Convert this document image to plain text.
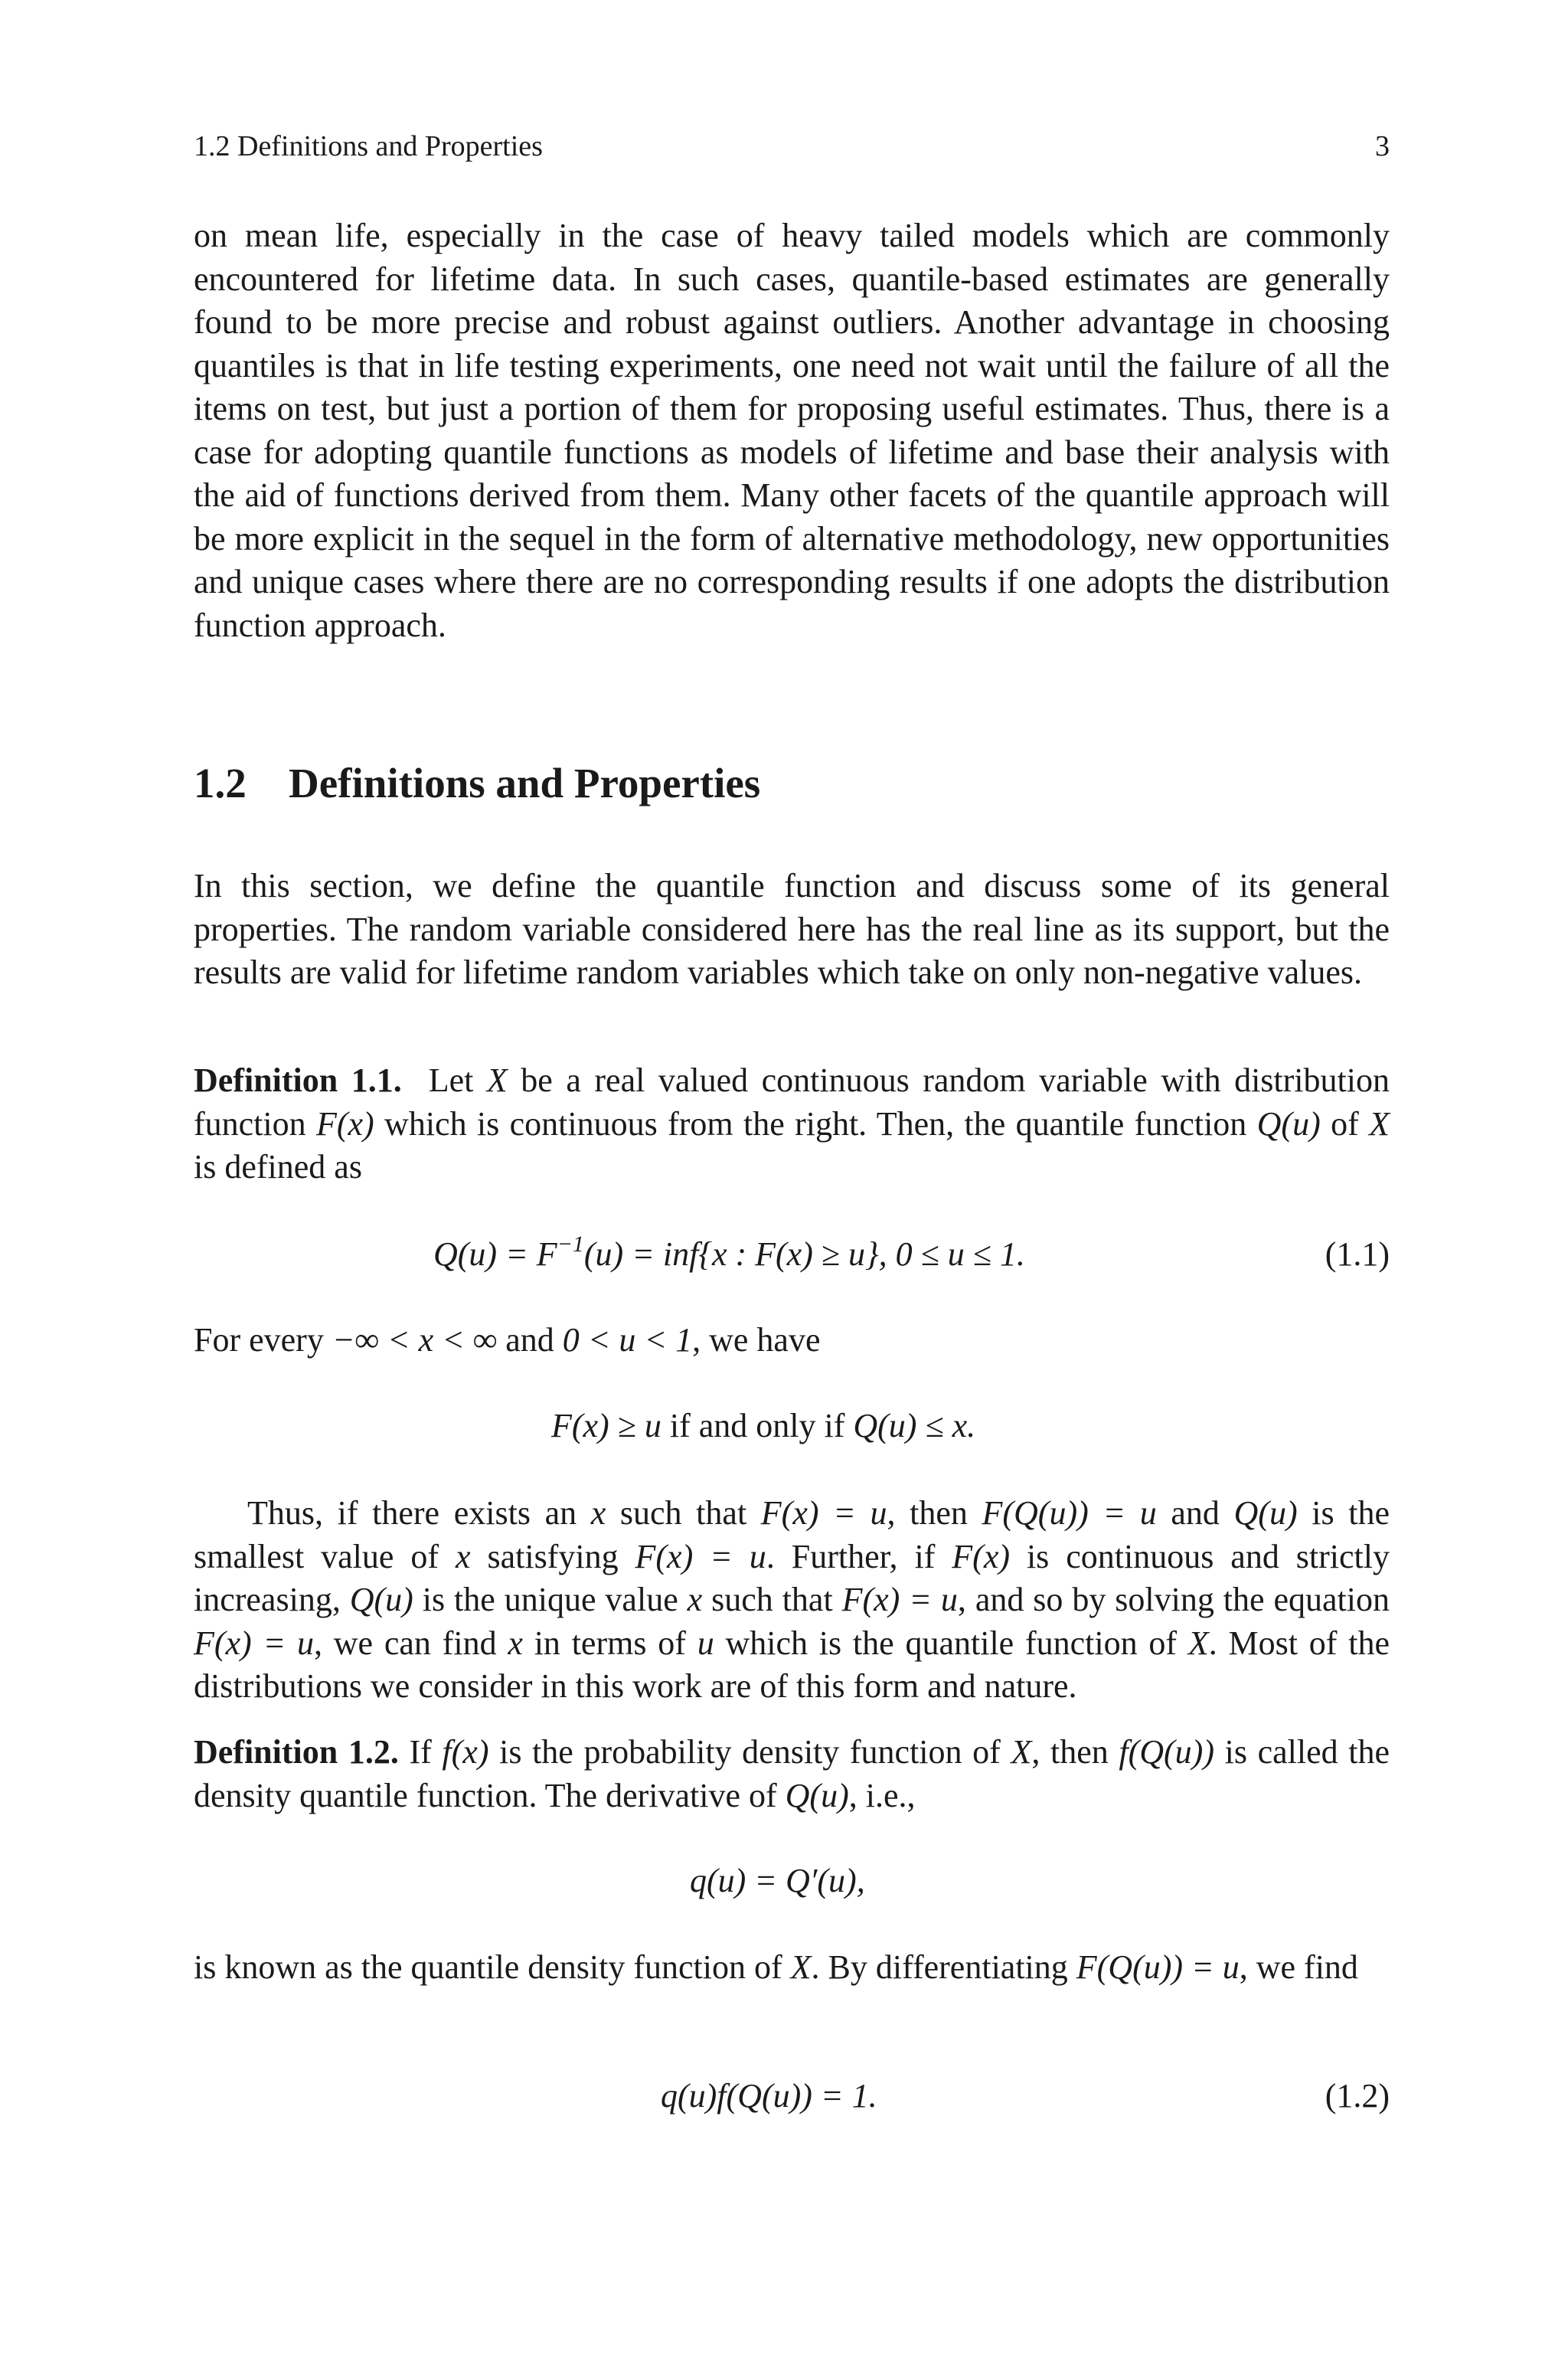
1.2 Definitions and Properties	3

on mean life, especially in the case of heavy tailed models which are commonly encountered for lifetime data. In such cases, quantile-based estimates are generally found to be more precise and robust against outliers. Another advantage in choosing quantiles is that in life testing experiments, one need not wait until the failure of all the items on test, but just a portion of them for proposing useful estimates. Thus, there is a case for adopting quantile functions as models of lifetime and base their analysis with the aid of functions derived from them. Many other facets of the quantile approach will be more explicit in the sequel in the form of alternative methodology, new opportunities and unique cases where there are no corresponding results if one adopts the distribution function approach.

1.2 Definitions and Properties

In this section, we define the quantile function and discuss some of its general properties. The random variable considered here has the real line as its support, but the results are valid for lifetime random variables which take on only non-negative values.

Definition 1.1. Let X be a real valued continuous random variable with distribution function F(x) which is continuous from the right. Then, the quantile function Q(u) of X is defined as

$Q(u) = F^{-1}(u) = inf\{x$ : F(x) ≥ u}, 0 ≤ u ≤ 1.	(1.1)

For every −∞ < x < ∞ and 0 < u < 1, we have

F(x) ≥ u if and only if Q(u) ≤ x.

Thus, if there exists an x such that F(x) = u, then F(Q(u)) = u and Q(u) is the smallest value of x satisfying F(x) = u. Further, if F(x) is continuous and strictly increasing, Q(u) is the unique value x such that F(x) = u, and so by solving the equation F(x) = u, we can find x in terms of u which is the quantile function of X. Most of the distributions we consider in this work are of this form and nature.

Definition 1.2. If f(x) is the probability density function of X, then f(Q(u)) is called the density quantile function. The derivative of Q(u), i.e.,

q(u) = Q′(u),

is known as the quantile density function of X. By differentiating F(Q(u)) = u, we find

q(u)f(Q(u)) = 1.	(1.2)
